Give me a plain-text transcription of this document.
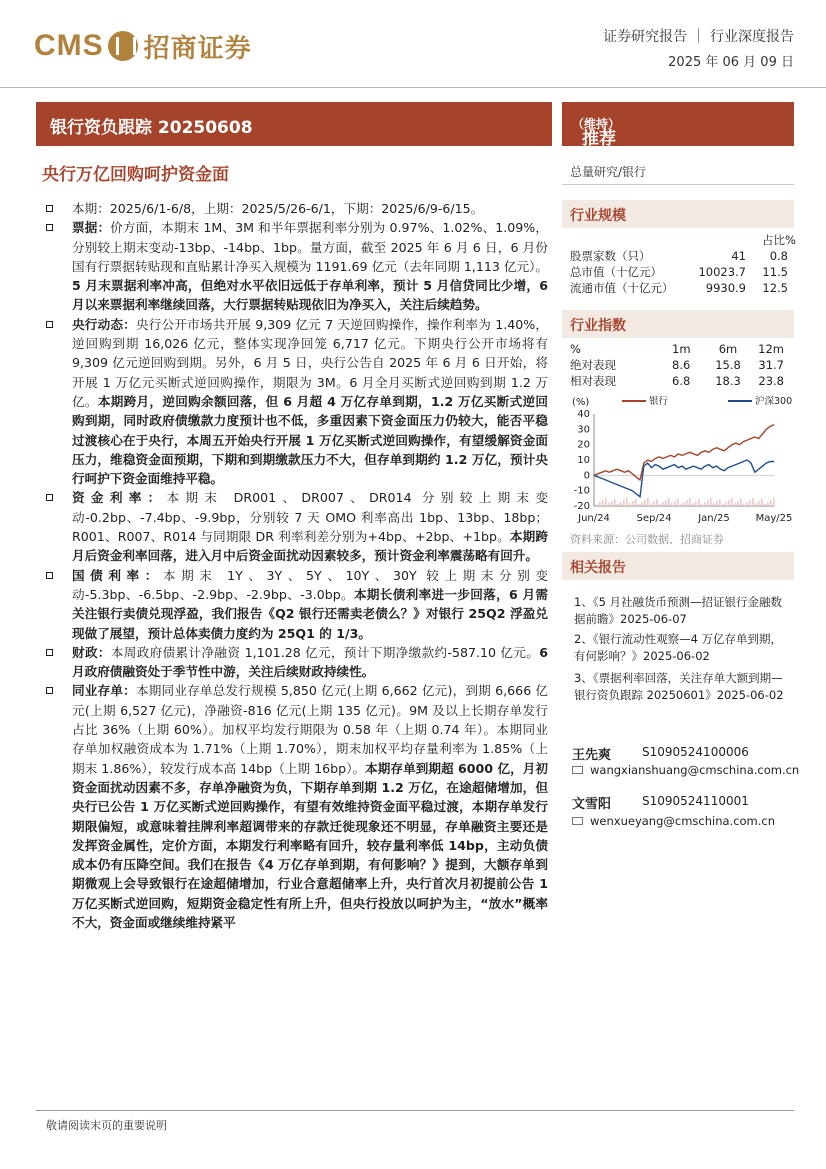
CMS 招商证券	证券研究报告 ｜ 行业深度报告
2025 年 06 月 09 日
银行资负跟踪 20250608
央行万亿回购呵护资金面
推荐
（维持）
总量研究/银行
行业规模
占比%
股票家数（只）	41	0.8
总市值（十亿元）	10023.7	11.5
流通市值（十亿元）	9930.9	12.5
行业指数
%	1m	6m	12m
绝对表现	8.6	15.8	31.7
相对表现	6.8	18.3	23.8
(%)	银行	沪深300
40
30
20
10
0
-10
-20
Jun/24	Sep/24	Jan/25	May/25
资料来源：公司数据、招商证券
相关报告
1、《5 月社融货币预测—招证银行金融数据前瞻》2025-06-07
2、《银行流动性观察—4 万亿存单到期，有何影响？》2025-06-02
3、《票据利率回落，关注存单大额到期—银行资负跟踪 20250601》2025-06-02
王先爽	S1090524100006
wangxianshuang@cmschina.com.cn
文雪阳	S1090524110001
wenxueyang@cmschina.com.cn
本期：2025/6/1-6/8，上期：2025/5/26-6/1，下期：2025/6/9-6/15。
票据：价方面，本期末 1M、3M 和半年票据利率分别为 0.97%、1.02%、1.09%，分别较上期末变动-13bp、-14bp、1bp。量方面，截至 2025 年 6 月 6 日，6 月份国有行票据转贴现和直贴累计净买入规模为 1191.69 亿元（去年同期 1,113 亿元）。5 月末票据利率冲高，但绝对水平依旧远低于存单利率，预计 5 月信贷同比少增，6 月以来票据利率继续回落，大行票据转贴现依旧为净买入，关注后续趋势。
央行动态：央行公开市场共开展 9,309 亿元 7 天逆回购操作，操作利率为 1.40%，逆回购到期 16,026 亿元，整体实现净回笼 6,717 亿元。下期央行公开市场将有 9,309 亿元逆回购到期。另外，6 月 5 日，央行公告自 2025 年 6 月 6 日开始，将开展 1 万亿元买断式逆回购操作，期限为 3M。6 月全月买断式逆回购到期 1.2 万亿。本期跨月，逆回购余额回落，但 6 月超 4 万亿存单到期，1.2 万亿买断式逆回购到期，同时政府债缴款力度预计也不低，多重因素下资金面压力仍较大，能否平稳过渡核心在于央行，本周五开始央行开展 1 万亿买断式逆回购操作，有望缓解资金面压力，维稳资金面预期，下期和到期缴款压力不大，但存单到期约 1.2 万亿，预计央行呵护下资金面维持平稳。
资金利率：本期末 DR001、DR007、DR014 分别较上期末变动-0.2bp、-7.4bp、-9.9bp，分别较 7 天 OMO 利率高出 1bp、13bp、18bp；R001、R007、R014 与同期限 DR 利率利差分别为+4bp、+2bp、+1bp。本期跨月后资金利率回落，进入月中后资金面扰动因素较多，预计资金利率震荡略有回升。
国债利率：本期末 1Y、3Y、5Y、10Y、30Y 较上期末分别变动-5.3bp、-6.5bp、-2.9bp、-2.9bp、-3.0bp。本期长债利率进一步回落，6 月需关注银行卖债兑现浮盈，我们报告《Q2 银行还需卖老债么？》对银行 25Q2 浮盈兑现做了展望，预计总体卖债力度约为 25Q1 的 1/3。
财政：本周政府债累计净融资 1,101.28 亿元，预计下期净缴款约-587.10 亿元。6 月政府债融资处于季节性中游，关注后续财政持续性。
同业存单：本期同业存单总发行规模 5,850 亿元(上期 6,662 亿元)，到期 6,666 亿元(上期 6,527 亿元)，净融资-816 亿元(上期 135 亿元)。9M 及以上长期存单发行占比 36%（上期 60%）。加权平均发行期限为 0.58 年（上期 0.74 年）。本期同业存单加权融资成本为 1.71%（上期 1.70%），期末加权平均存量利率为 1.85%（上期末 1.86%），较发行成本高 14bp（上期 16bp）。本期存单到期超 6000 亿，月初资金面扰动因素不多，存单净融资为负，下期存单到期 1.2 万亿，在途超储增加，但央行已公告 1 万亿买断式逆回购操作，有望有效维持资金面平稳过渡，本期存单发行期限偏短，或意味着挂牌利率超调带来的存款迁徙现象还不明显，存单融资主要还是发挥资金属性，定价方面，本期发行利率略有回升，较存量利率低 14bp，主动负债成本仍有压降空间。我们在报告《4 万亿存单到期，有何影响？》提到，大额存单到期微观上会导致银行在途超储增加，行业合意超储率上升，央行首次月初提前公告 1 万亿买断式逆回购，短期资金稳定性有所上升，但央行投放以呵护为主，“放水”概率不大，资金面或继续维持紧平
敬请阅读末页的重要说明
